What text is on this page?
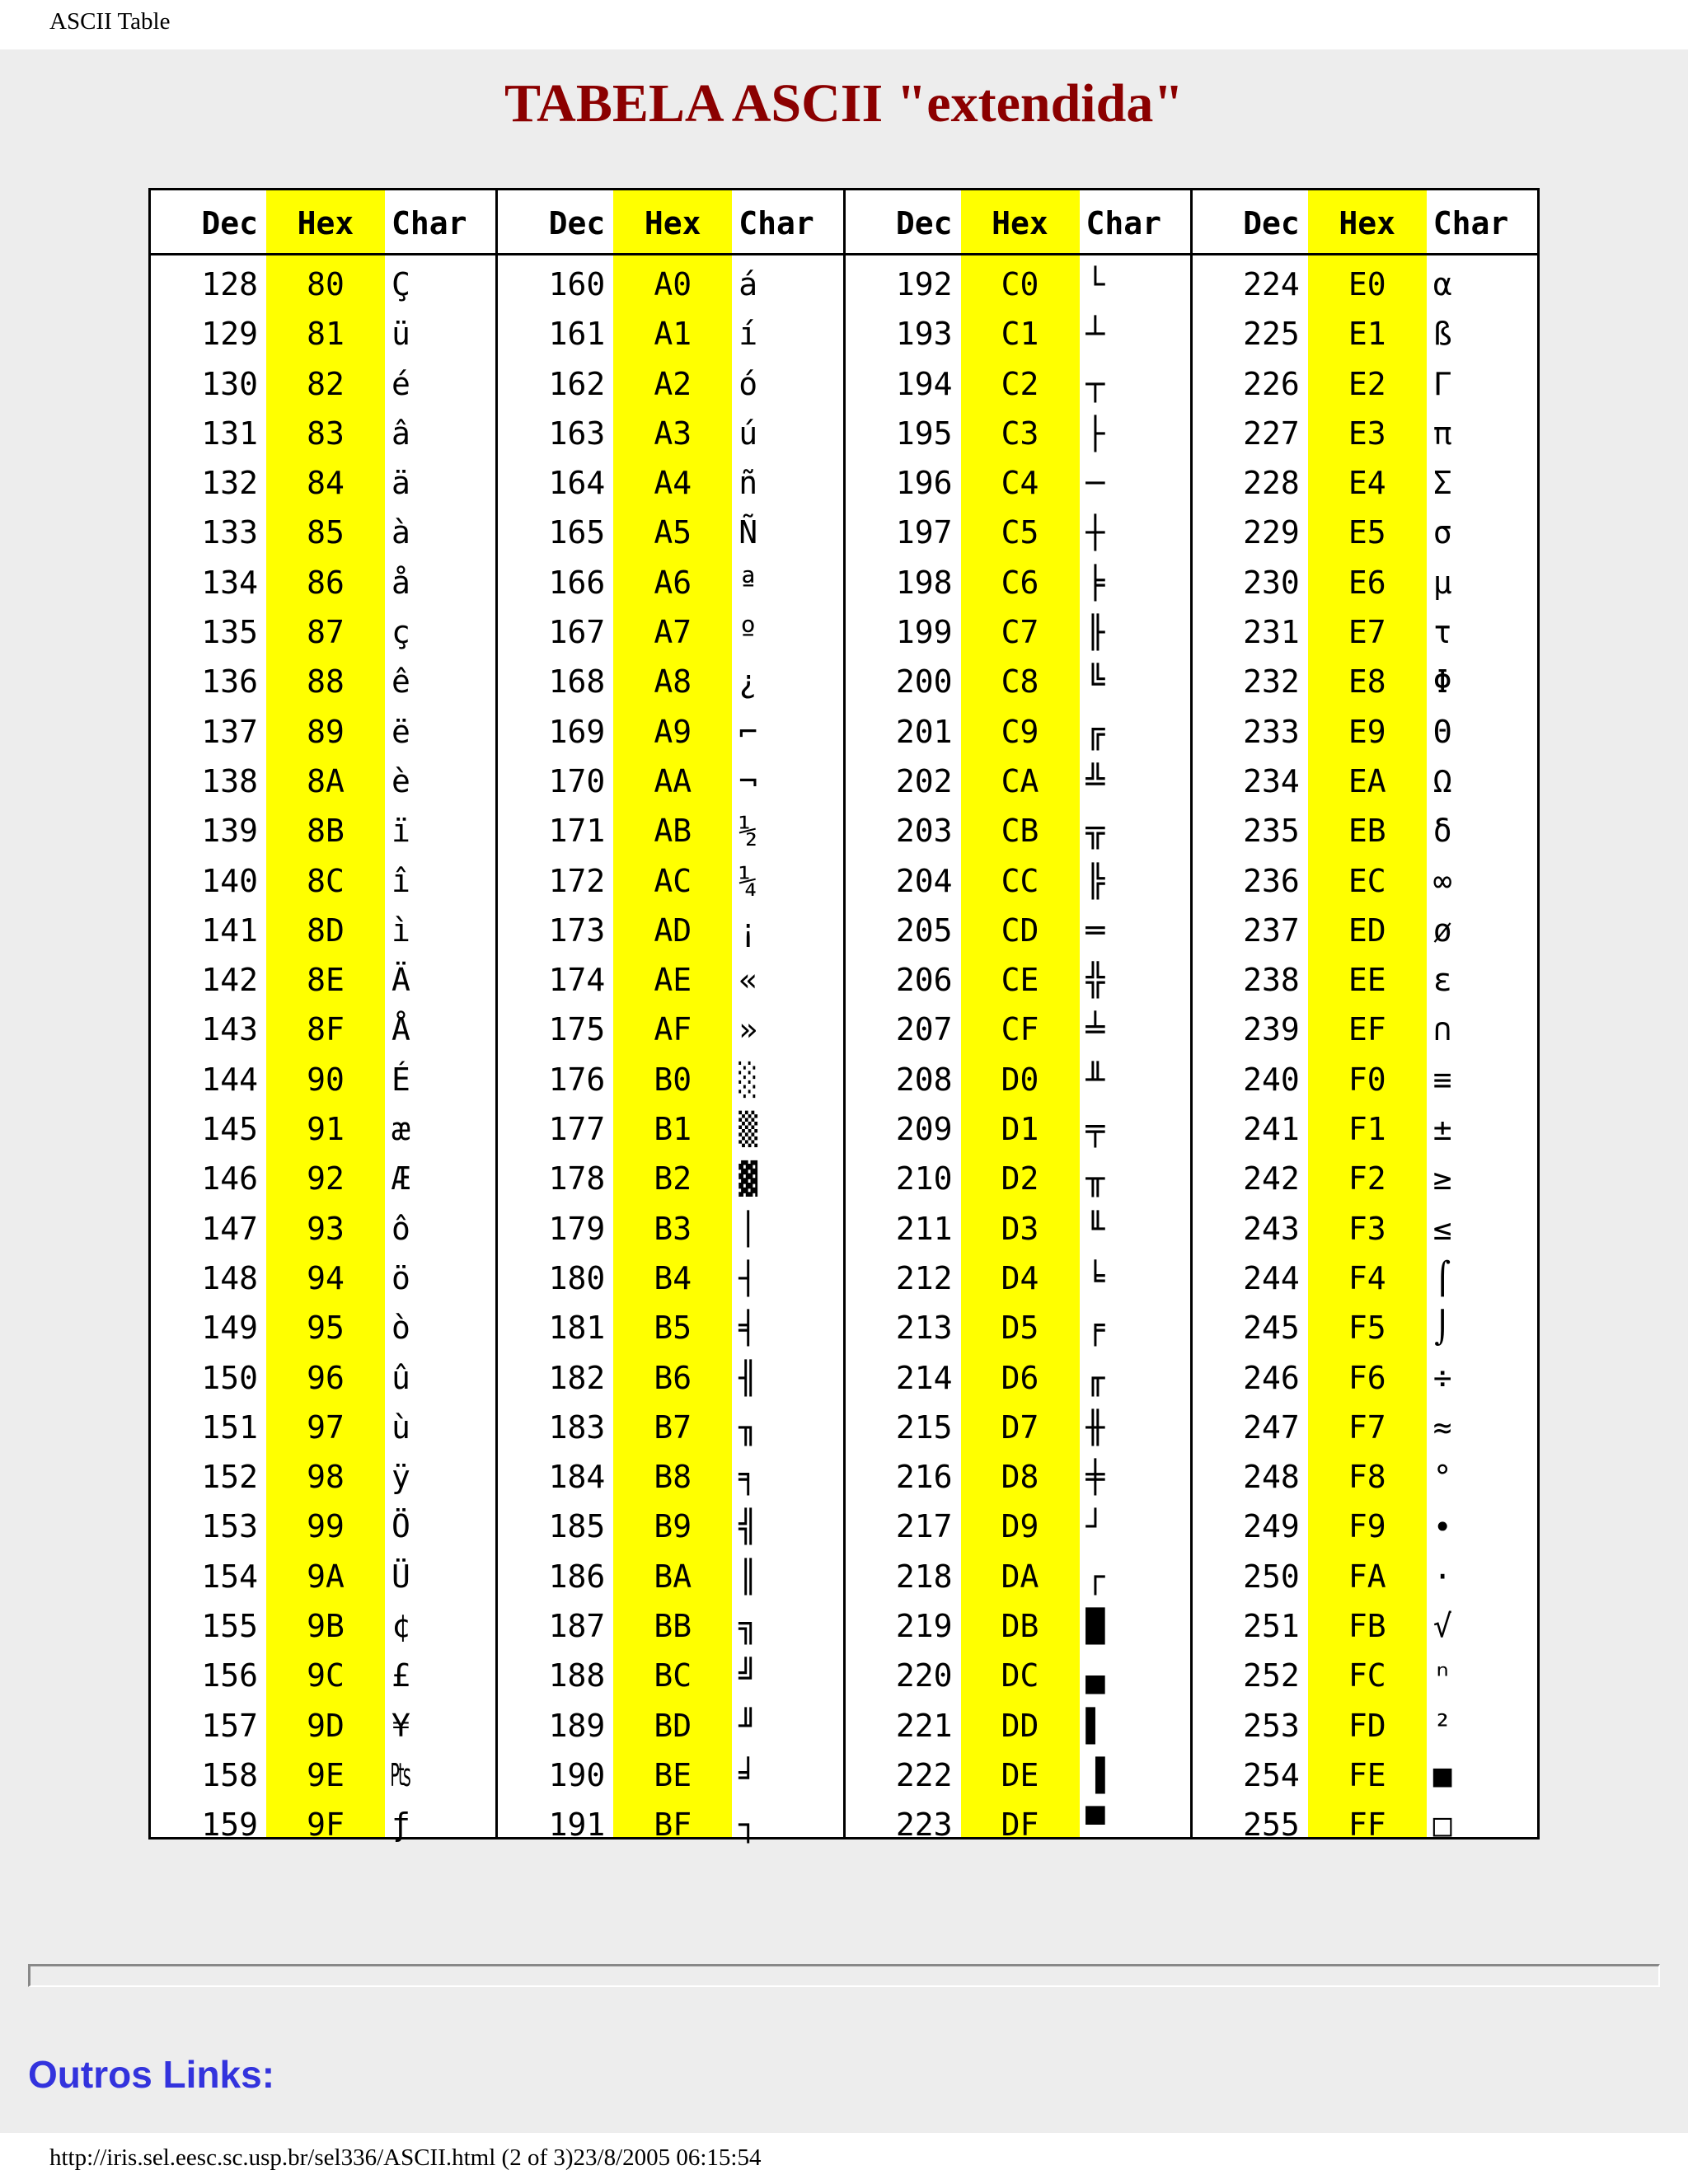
ASCII Table
TABELA ASCII "extendida"
Dec
128
129
130
131
132
133
134
135
136
137
138
139
140
141
142
143
144
145
146
147
148
149
150
151
152
153
154
155
156
157
158
159
Hex
80
81
82
83
84
85
86
87
88
89
8A
8B
8C
8D
8E
8F
90
91
92
93
94
95
96
97
98
99
9A
9B
9C
9D
9E
9F
Char
Ç
ü
é
â
ä
à
å
ç
ê
ë
è
ï
î
ì
Ä
Å
É
æ
Æ
ô
ö
ò
û
ù
ÿ
Ö
Ü
¢
£
¥
₧
ƒ
Dec
160
161
162
163
164
165
166
167
168
169
170
171
172
173
174
175
176
177
178
179
180
181
182
183
184
185
186
187
188
189
190
191
Hex
A0
A1
A2
A3
A4
A5
A6
A7
A8
A9
AA
AB
AC
AD
AE
AF
B0
B1
B2
B3
B4
B5
B6
B7
B8
B9
BA
BB
BC
BD
BE
BF
Char
á
í
ó
ú
ñ
Ñ
ª
º
¿
⌐
¬
½
¼
¡
«
»
░
▒
▓
│
┤
╡
╢
╖
╕
╣
║
╗
╝
╜
╛
┐
Dec
192
193
194
195
196
197
198
199
200
201
202
203
204
205
206
207
208
209
210
211
212
213
214
215
216
217
218
219
220
221
222
223
Hex
C0
C1
C2
C3
C4
C5
C6
C7
C8
C9
CA
CB
CC
CD
CE
CF
D0
D1
D2
D3
D4
D5
D6
D7
D8
D9
DA
DB
DC
DD
DE
DF
Char
└
┴
┬
├
─
┼
╞
╟
╚
╔
╩
╦
╠
═
╬
╧
╨
╤
╥
╙
╘
╒
╓
╫
╪
┘
┌
█
▄
▌
▐
▀
Dec
224
225
226
227
228
229
230
231
232
233
234
235
236
237
238
239
240
241
242
243
244
245
246
247
248
249
250
251
252
253
254
255
Hex
E0
E1
E2
E3
E4
E5
E6
E7
E8
E9
EA
EB
EC
ED
EE
EF
F0
F1
F2
F3
F4
F5
F6
F7
F8
F9
FA
FB
FC
FD
FE
FF
Char
α
ß
Γ
π
Σ
σ
µ
τ
Φ
Θ
Ω
δ
∞
ø
ε
∩
≡
±
≥
≤
⌠
⌡
÷
≈
°
∙
·
√
ⁿ
²
■
□
Outros Links:
http://iris.sel.eesc.sc.usp.br/sel336/ASCII.html (2 of 3)23/8/2005 06:15:54
